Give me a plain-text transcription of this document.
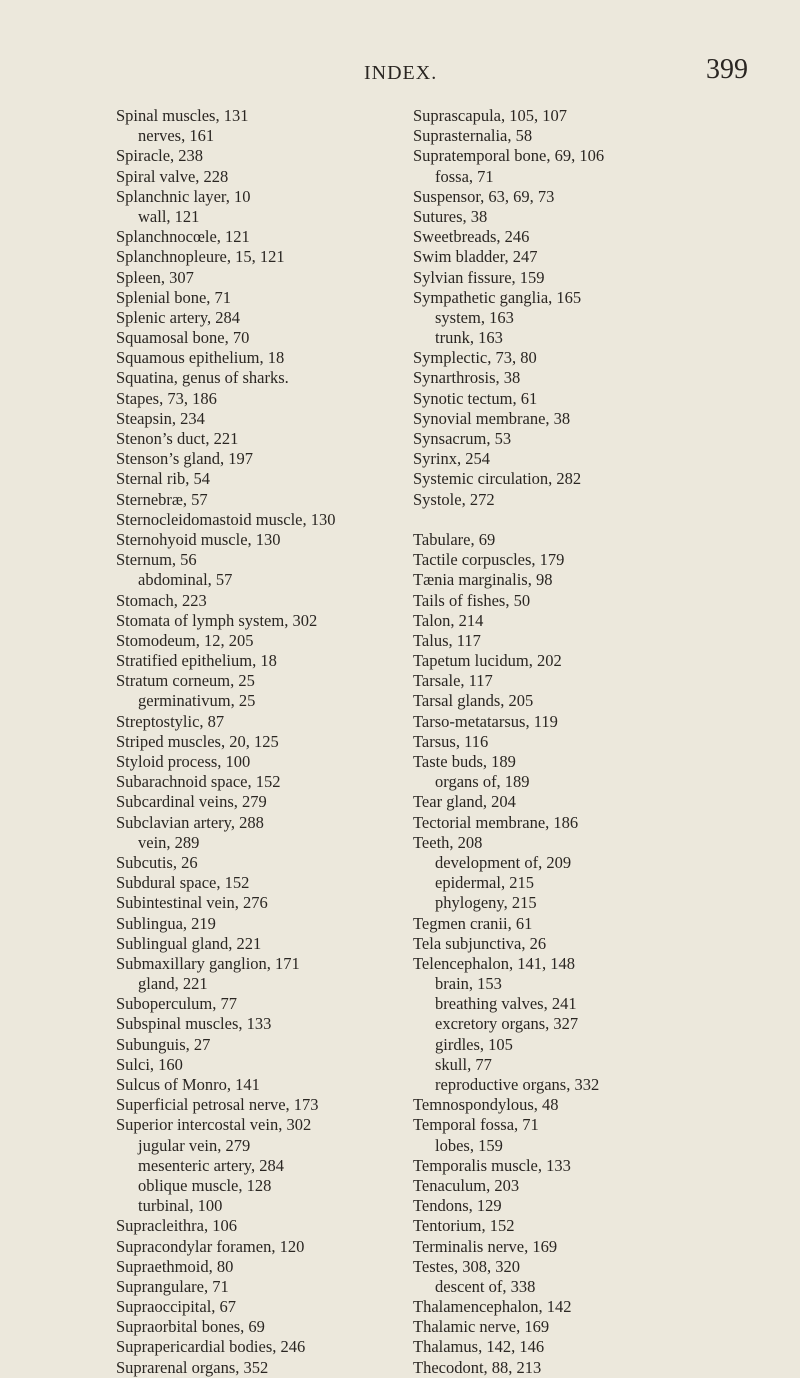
INDEX.	399
Spinal muscles, 131
nerves, 161
Spiracle, 238
Spiral valve, 228
Splanchnic layer, 10
wall, 121
Splanchnocœle, 121
Splanchnopleure, 15, 121
Spleen, 307
Splenial bone, 71
Splenic artery, 284
Squamosal bone, 70
Squamous epithelium, 18
Squatina, genus of sharks.
Stapes, 73, 186
Steapsin, 234
Stenon’s duct, 221
Stenson’s gland, 197
Sternal rib, 54
Sternebræ, 57
Sternocleidomastoid muscle, 130
Sternohyoid muscle, 130
Sternum, 56
abdominal, 57
Stomach, 223
Stomata of lymph system, 302
Stomodeum, 12, 205
Stratified epithelium, 18
Stratum corneum, 25
germinativum, 25
Streptostylic, 87
Striped muscles, 20, 125
Styloid process, 100
Subarachnoid space, 152
Subcardinal veins, 279
Subclavian artery, 288
vein, 289
Subcutis, 26
Subdural space, 152
Subintestinal vein, 276
Sublingua, 219
Sublingual gland, 221
Submaxillary ganglion, 171
gland, 221
Suboperculum, 77
Subspinal muscles, 133
Subunguis, 27
Sulci, 160
Sulcus of Monro, 141
Superficial petrosal nerve, 173
Superior intercostal vein, 302
jugular vein, 279
mesenteric artery, 284
oblique muscle, 128
turbinal, 100
Supracleithra, 106
Supracondylar foramen, 120
Supraethmoid, 80
Suprangulare, 71
Supraoccipital, 67
Supraorbital bones, 69
Suprapericardial bodies, 246
Suprarenal organs, 352
Suprascapula, 105, 107
Suprasternalia, 58
Supratemporal bone, 69, 106
fossa, 71
Suspensor, 63, 69, 73
Sutures, 38
Sweetbreads, 246
Swim bladder, 247
Sylvian fissure, 159
Sympathetic ganglia, 165
system, 163
trunk, 163
Symplectic, 73, 80
Synarthrosis, 38
Synotic tectum, 61
Synovial membrane, 38
Synsacrum, 53
Syrinx, 254
Systemic circulation, 282
Systole, 272
Tabulare, 69
Tactile corpuscles, 179
Tænia marginalis, 98
Tails of fishes, 50
Talon, 214
Talus, 117
Tapetum lucidum, 202
Tarsale, 117
Tarsal glands, 205
Tarso-metatarsus, 119
Tarsus, 116
Taste buds, 189
organs of, 189
Tear gland, 204
Tectorial membrane, 186
Teeth, 208
development of, 209
epidermal, 215
phylogeny, 215
Tegmen cranii, 61
Tela subjunctiva, 26
Telencephalon, 141, 148
brain, 153
breathing valves, 241
excretory organs, 327
girdles, 105
skull, 77
reproductive organs, 332
Temnospondylous, 48
Temporal fossa, 71
lobes, 159
Temporalis muscle, 133
Tenaculum, 203
Tendons, 129
Tentorium, 152
Terminalis nerve, 169
Testes, 308, 320
descent of, 338
Thalamencephalon, 142
Thalamic nerve, 169
Thalamus, 142, 146
Thecodont, 88, 213
